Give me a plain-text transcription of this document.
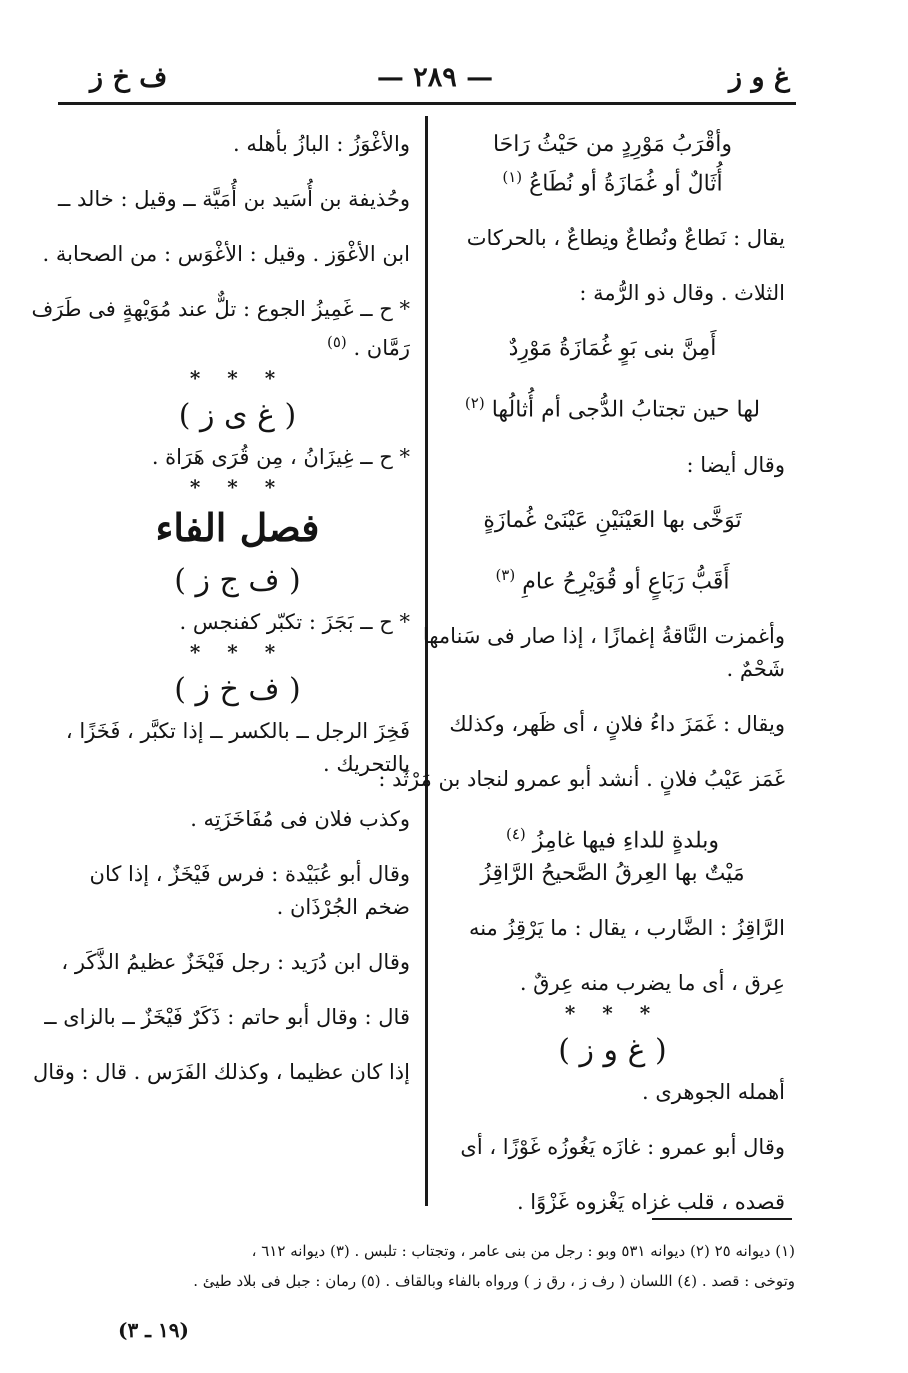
غ و ز
— ٢٨٩ —
ف خ ز
وأقْرَبُ مَوْرِدٍ من حَيْثُ رَاحَا
أُثَالٌ أو غُمَازَةُ أو نُطَاعُ $^{(١)}$
يقال : نَطاعٌ ونُطاعٌ ونِطاعٌ ، بالحركات
الثلاث . وقال ذو الرُّمة :
أَمِنَّ بنى بَوٍ غُمَازَةُ مَوْرِدٌ
لها حين تجتابُ الدُّجى أم أُثالُها $^{(٢)}$
وقال أيضا :
تَوَخَّى بها العَيْنَيْنِ عَيْنَىْ غُمازَةٍ
أَقَبُّ رَبَاعٍ أو قُوَيْرِحُ عامِ $^{(٣)}$
وأغمزت النَّاقةُ إغمازًا ، إذا صار فى سَنامها
شَحْمٌ .
ويقال : غَمَزَ داءُ فلانٍ ، أى ظَهر، وكذلك
غَمَز عَيْبُ فلانٍ . أنشد أبو عمرو لنجاد بن مَرْثَد :
وبلدةٍ للداءِ فيها غامِزُ $^{(٤)}$
مَيْتٌ بها العِرقُ الصَّحيحُ الرَّاقِزُ
الرَّاقِزُ : الضَّارب ، يقال : ما يَرْقِزُ منه
عِرق ، أى ما يضرب منه عِرقٌ .
* * *
( غ و ز )
أهمله الجوهرى .
وقال أبو عمرو : غازَه يَغُوزُه غَوْزًا ، أى
قصده ، قلب غزاه يَغْزوه غَزْوًا .
والأغْوَزُ : البازُ بأهله .
وحُذيفة بن أُسَيد بن أُمَيَّة ــ وقيل : خالد ــ
ابن الأغْوَز . وقيل : الأغْوَس : من الصحابة .
* ح ــ غَمِيزُ الجوع : تلٌّ عند مُوَيْهةٍ فى طَرَف
رَمَّان . $^{(٥)}$
* * *
( غ ى ز )
* ح ــ غِيزَانُ ، مِن قُرَى هَرَاة .
* * *
فصل الفاء
( ف ج ز )
* ح ــ بَجَزَ : تكبّر كفنجس .
* * *
( ف خ ز )
فَخِزَ الرجل ــ بالكسر ــ إذا تكبَّر ، فَخَزًا ،
بالتحريك .
وكذب فلان فى مُفَاخَزَتِه .
وقال أبو عُبَيْدة : فرس فَيْخَزٌ ، إذا كان
ضخم الجُرْذَان .
وقال ابن دُرَيد : رجل فَيْخَزٌ عظيمُ الذَّكَر ،
قال : وقال أبو حاتم : ذَكَرٌ فَيْخَزٌ ــ بالزاى ــ
إذا كان عظيما ، وكذلك الفَرَس . قال : وقال
(١) ديوانه ٢٥ (٢) ديوانه ٥٣١ وبو : رجل من بنى عامر ، وتجتاب : تلبس . (٣) ديوانه ٦١٢ ،
وتوخى : قصد . (٤) اللسان ( رف ز ، رق ز ) ورواه بالفاء وبالقاف . (٥) رمان : جبل فى بلاد طيئ .
(١٩ ـ ٣)
